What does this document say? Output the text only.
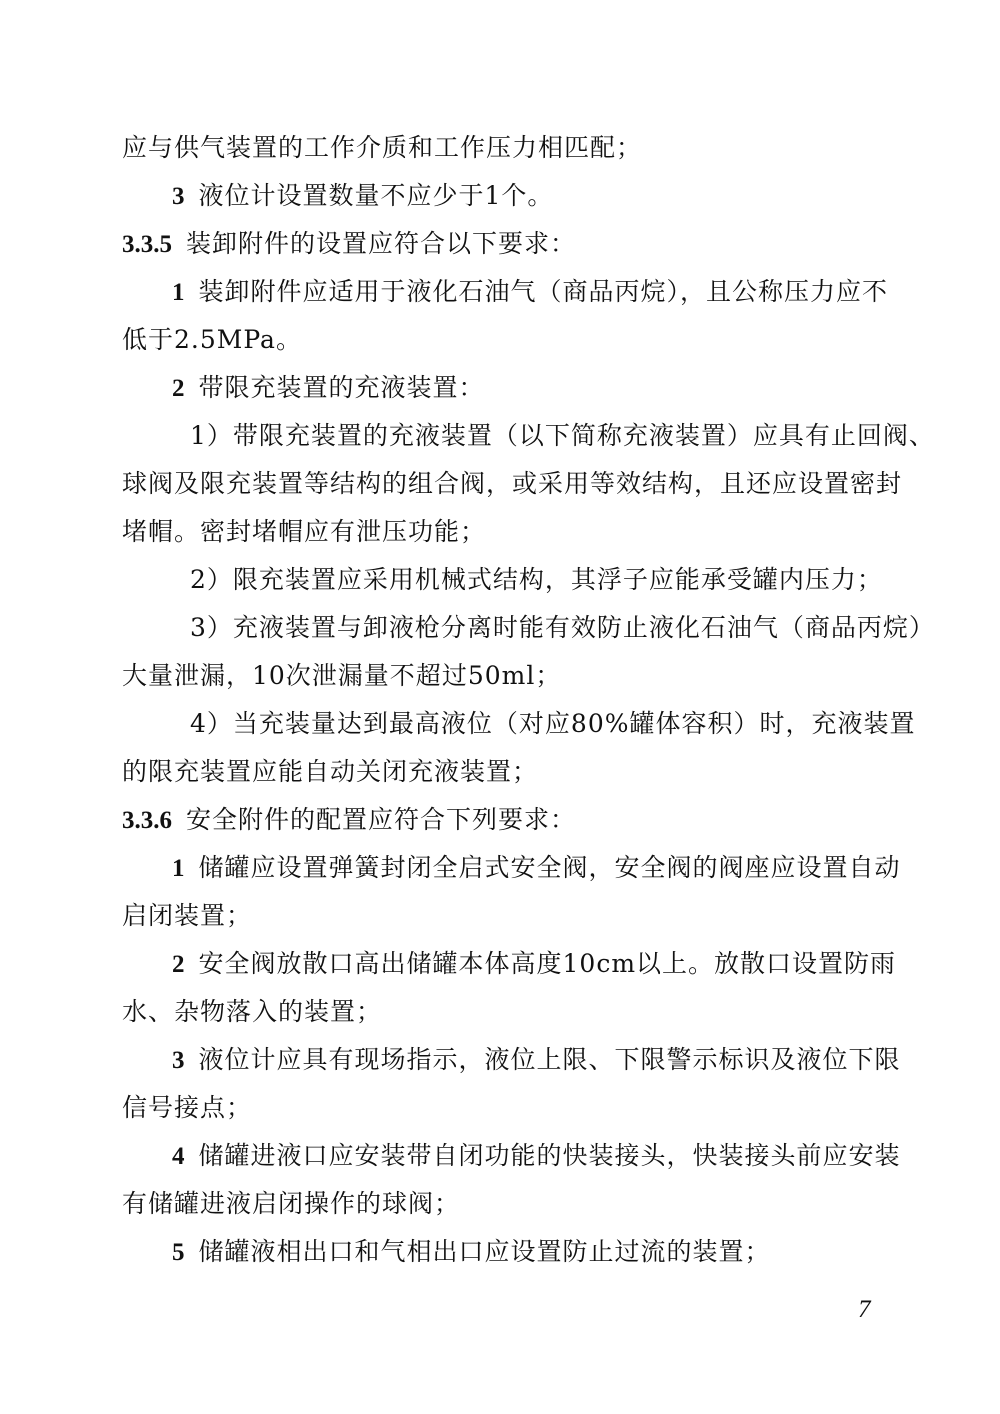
应与供气装置的工作介质和工作压力相匹配；
3 液位计设置数量不应少于1个。
3.3.5 装卸附件的设置应符合以下要求：
1 装卸附件应适用于液化石油气（商品丙烷），且公称压力应不
低于2.5MPa。
2 带限充装置的充液装置：
1）带限充装置的充液装置（以下简称充液装置）应具有止回阀、
球阀及限充装置等结构的组合阀，或采用等效结构，且还应设置密封
堵帽。密封堵帽应有泄压功能；
2）限充装置应采用机械式结构，其浮子应能承受罐内压力；
3）充液装置与卸液枪分离时能有效防止液化石油气（商品丙烷）
大量泄漏，10次泄漏量不超过50ml；
4）当充装量达到最高液位（对应80%罐体容积）时，充液装置
的限充装置应能自动关闭充液装置；
3.3.6 安全附件的配置应符合下列要求：
1 储罐应设置弹簧封闭全启式安全阀，安全阀的阀座应设置自动
启闭装置；
2 安全阀放散口高出储罐本体高度10cm以上。放散口设置防雨
水、杂物落入的装置；
3 液位计应具有现场指示，液位上限、下限警示标识及液位下限
信号接点；
4 储罐进液口应安装带自闭功能的快装接头，快装接头前应安装
有储罐进液启闭操作的球阀；
5 储罐液相出口和气相出口应设置防止过流的装置；
7
